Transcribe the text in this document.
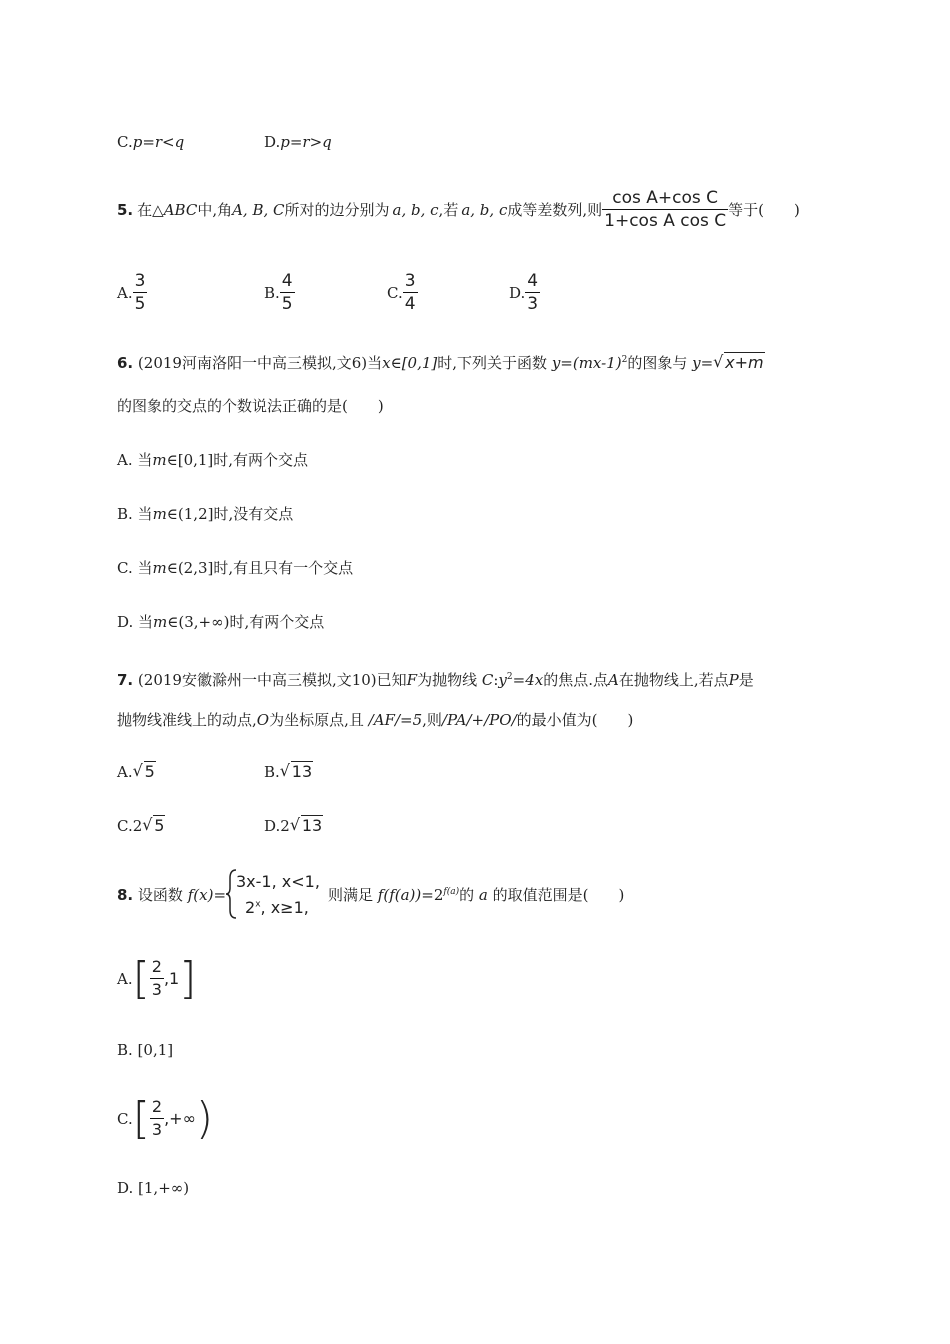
C.p=r<q	D.p=r>q
5. 在△ ABC 中,角 A, B, C 所对的边分别为 a, b, c ,若 a, b, c 成等差数列,则 $\frac{\text{cos A+cos C}}{\text{1+cos A cos C}}$ 等于(　　)
A. $\frac{3}{5}$	B. $\frac{4}{5}$	C. $\frac{3}{4}$	D. $\frac{4}{3}$
6. (2019河南洛阳一中高三模拟,文6)当x∈[0,1]时,下列关于函数 $y=(mx-1)^2$的图象与 y= √ x+m
的图象的交点的个数说法正确的是(　　)
A. 当m∈[0,1]时,有两个交点
B. 当m∈(1,2]时,没有交点
C. 当m∈(2,3]时,有且只有一个交点
D. 当m∈(3,+∞)时,有两个交点
7. (2019安徽滁州一中高三模拟,文10)已知F为抛物线 $C:y^2=4x$的焦点.点A在抛物线上,若点P是
抛物线准线上的动点,O为坐标原点,且 /AF/=5,则/PA/+/PO/的最小值为(　　)
A. √ 5	B. √ 13
C.2 √ 5	D.2 √ 13
8. 设函数 f(x)=
3x-1, x<1,
2$^x$, x≥1,
则满足 $f(f(a))=2^{f(a)}$的 a 的取值范围是(　　)
A. [ $\frac{2}{3} ,1$ ]
B. [0,1]
C. [ $\frac{2}{3}$ ,+∞ )
D. [1,+∞)
